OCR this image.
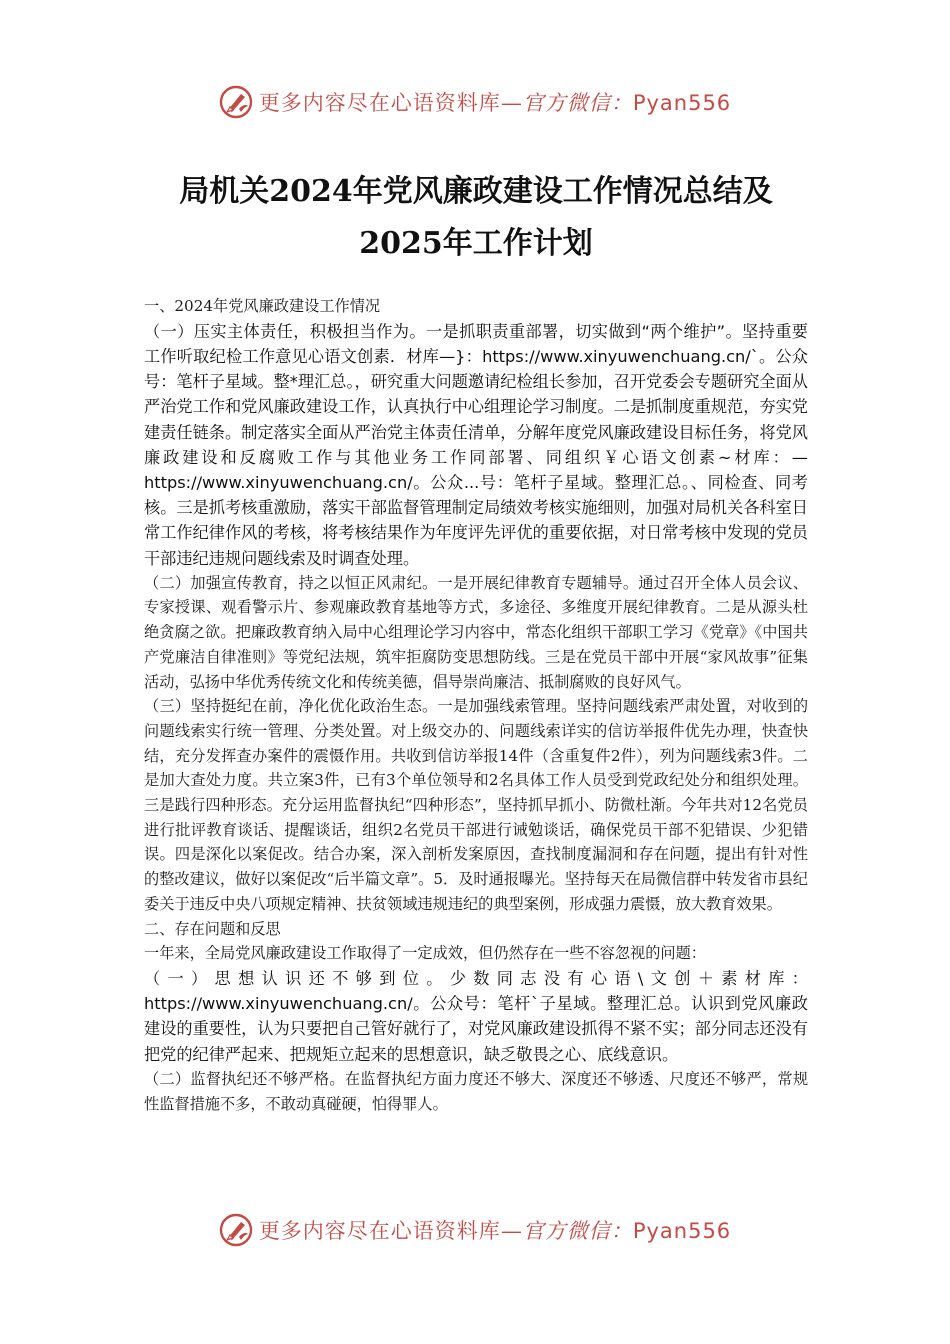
更多内容尽在心语资料库—官方微信：Pyan556
局机关2024年党风廉政建设工作情况总结及2025年工作计划

一、2024年党风廉政建设工作情况

（一）压实主体责任，积极担当作为。一是抓职责重部署，切实做到“两个维护”。坚持重要工作听取纪检工作意见心语文创素．材库—}：https://www.xinyuwenchuang.cn/`。公众号：笔杆子星域。整*理汇总。，研究重大问题邀请纪检组长参加，召开党委会专题研究全面从严治党工作和党风廉政建设工作，认真执行中心组理论学习制度。二是抓制度重规范，夯实党建责任链条。制定落实全面从严治党主体责任清单，分解年度党风廉政建设目标任务，将党风廉政建设和反腐败工作与其他业务工作同部署、同组织￥心语文创素~材库：—https://www.xinyuwenchuang.cn/。公众...号：笔杆子星域。整理汇总。、同检查、同考核。三是抓考核重激励，落实干部监督管理制定局绩效考核实施细则，加强对局机关各科室日常工作纪律作风的考核，将考核结果作为年度评先评优的重要依据，对日常考核中发现的党员干部违纪违规问题线索及时调查处理。

（二）加强宣传教育，持之以恒正风肃纪。一是开展纪律教育专题辅导。通过召开全体人员会议、专家授课、观看警示片、参观廉政教育基地等方式，多途径、多维度开展纪律教育。二是从源头杜绝贪腐之欲。把廉政教育纳入局中心组理论学习内容中，常态化组织干部职工学习《党章》《中国共产党廉洁自律准则》等党纪法规，筑牢拒腐防变思想防线。三是在党员干部中开展“家风故事”征集活动，弘扬中华优秀传统文化和传统美德，倡导崇尚廉洁、抵制腐败的良好风气。

（三）坚持挺纪在前，净化优化政治生态。一是加强线索管理。坚持问题线索严肃处置，对收到的问题线索实行统一管理、分类处置。对上级交办的、问题线索详实的信访举报件优先办理，快查快结，充分发挥查办案件的震慑作用。共收到信访举报14件（含重复件2件），列为问题线索3件。二是加大查处力度。共立案3件，已有3个单位领导和2名具体工作人员受到党政纪处分和组织处理。三是践行四种形态。充分运用监督执纪“四种形态”，坚持抓早抓小、防微杜渐。今年共对12名党员进行批评教育谈话、提醒谈话，组织2名党员干部进行诫勉谈话，确保党员干部不犯错误、少犯错误。四是深化以案促改。结合办案，深入剖析发案原因，查找制度漏洞和存在问题，提出有针对性的整改建议，做好以案促改“后半篇文章”。5．及时通报曝光。坚持每天在局微信群中转发省市县纪委关于违反中央八项规定精神、扶贫领域违规违纪的典型案例，形成强力震慑，放大教育效果。

二、存在问题和反思

一年来，全局党风廉政建设工作取得了一定成效，但仍然存在一些不容忽视的问题：

（一）思想认识还不够到位。少数同志没有心语\文创＋素材库：https://www.xinyuwenchuang.cn/。公众号：笔杆`子星域。整理汇总。认识到党风廉政建设的重要性，认为只要把自己管好就行了，对党风廉政建设抓得不紧不实；部分同志还没有把党的纪律严起来、把规矩立起来的思想意识，缺乏敬畏之心、底线意识。

（二）监督执纪还不够严格。在监督执纪方面力度还不够大、深度还不够透、尺度还不够严，常规性监督措施不多，不敢动真碰硬，怕得罪人。

更多内容尽在心语资料库—官方微信：Pyan556
